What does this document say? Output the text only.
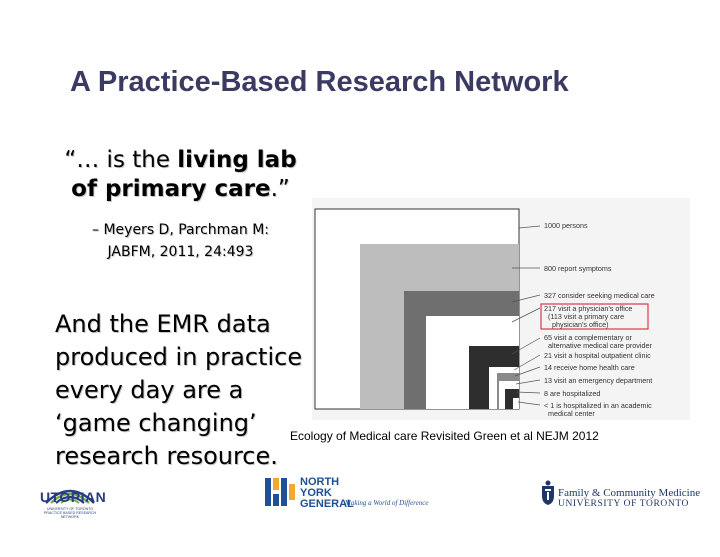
A Practice-Based Research Network
“… is the living lab
of primary care.”
– Meyers D, Parchman M:
JABFM, 2011, 24:493
And the EMR data
produced in practice
every day are a
‘game changing’
research resource.
1000 persons
800 report symptoms
327 consider seeking medical care
217 visit a physician’s office
(113 visit a primary care
physician’s office)
65 visit a complementary or
alternative medical care provider
21 visit a hospital outpatient clinic
14 receive home health care
13 visit an emergency department
8 are hospitalized
< 1 is hospitalized in an academic
medical center
Ecology of Medical care Revisited Green et al NEJM 2012
UTOPIAN
UNIVERSITY OF TORONTO PRACTICE BASED RESEARCH NETWORK
NORTH
YORK
GENERAL
Making a World of Difference
Family & Community Medicine
UNIVERSITY OF TORONTO
